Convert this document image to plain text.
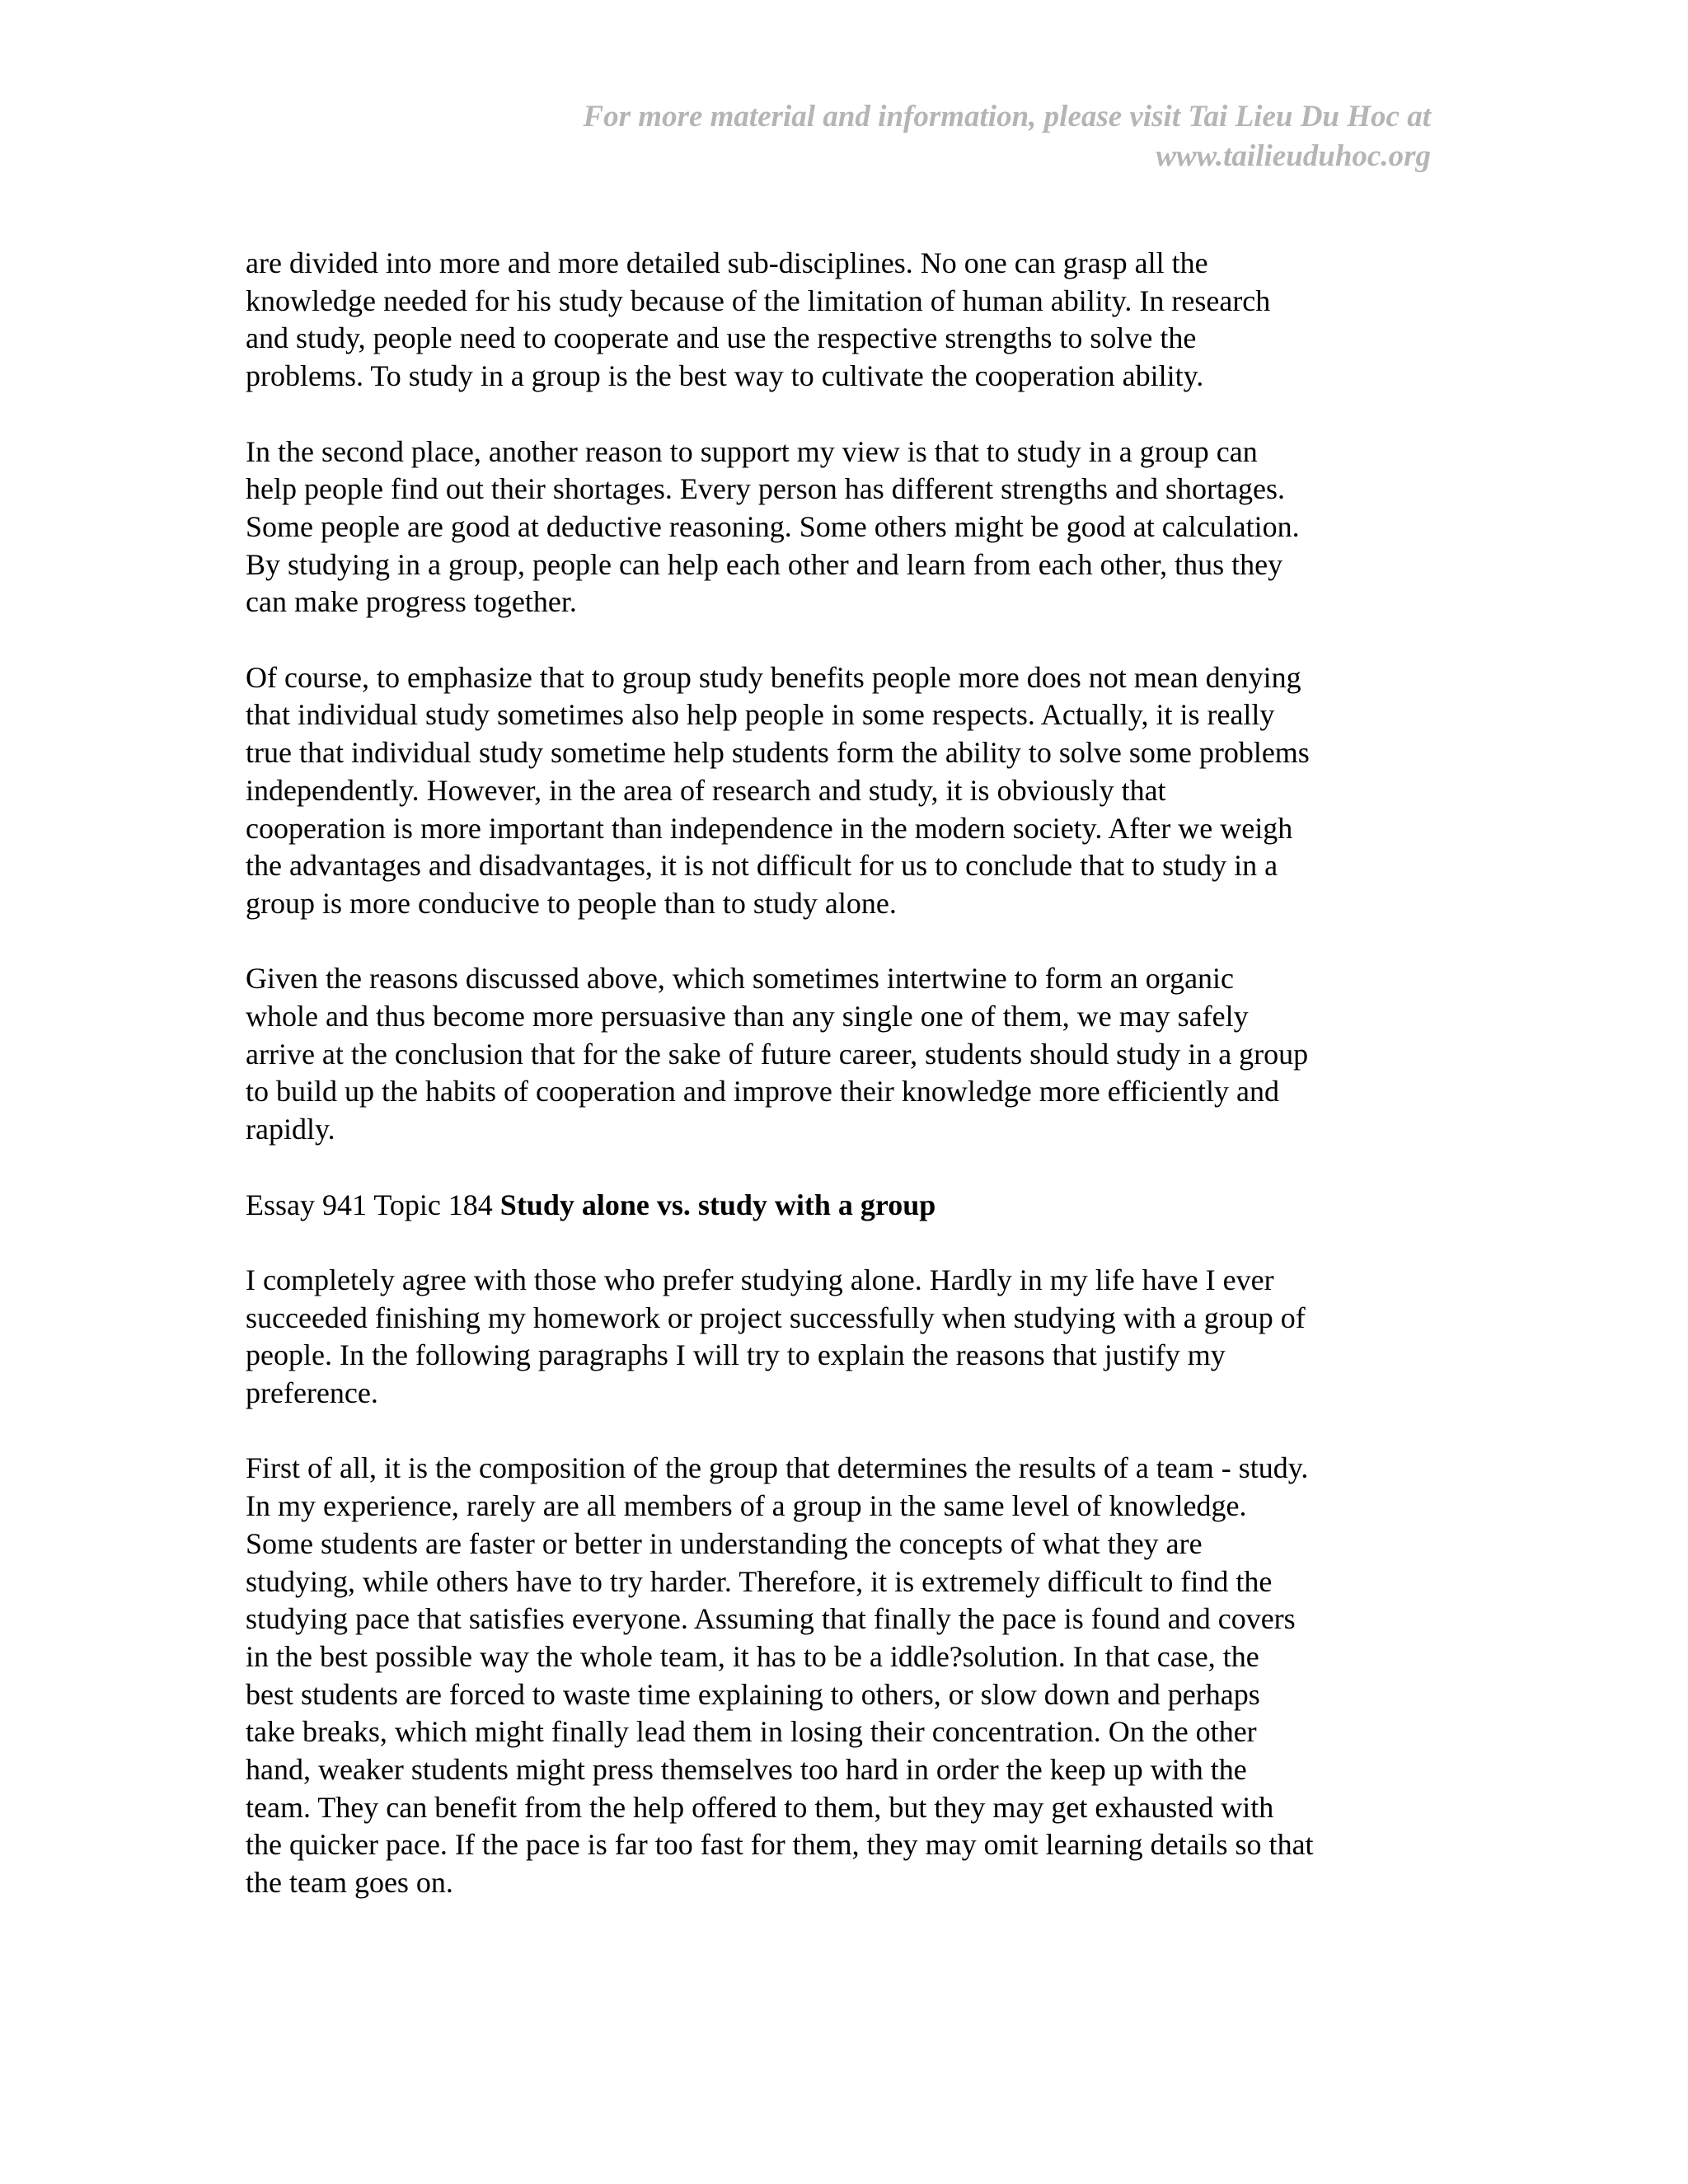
For more material and information, please visit Tai Lieu Du Hoc at
www.tailieuduhoc.org

are divided into more and more detailed sub-disciplines. No one can grasp all the
knowledge needed for his study because of the limitation of human ability. In research
and study, people need to cooperate and use the respective strengths to solve the
problems. To study in a group is the best way to cultivate the cooperation ability.

In the second place, another reason to support my view is that to study in a group can
help people find out their shortages. Every person has different strengths and shortages.
Some people are good at deductive reasoning. Some others might be good at calculation.
By studying in a group, people can help each other and learn from each other, thus they
can make progress together.

Of course, to emphasize that to group study benefits people more does not mean denying
that individual study sometimes also help people in some respects. Actually, it is really
true that individual study sometime help students form the ability to solve some problems
independently. However, in the area of research and study, it is obviously that
cooperation is more important than independence in the modern society. After we weigh
the advantages and disadvantages, it is not difficult for us to conclude that to study in a
group is more conducive to people than to study alone.

Given the reasons discussed above, which sometimes intertwine to form an organic
whole and thus become more persuasive than any single one of them, we may safely
arrive at the conclusion that for the sake of future career, students should study in a group
to build up the habits of cooperation and improve their knowledge more efficiently and
rapidly.

Essay 941 Topic 184 Study alone vs. study with a group

I completely agree with those who prefer studying alone. Hardly in my life have I ever
succeeded finishing my homework or project successfully when studying with a group of
people. In the following paragraphs I will try to explain the reasons that justify my
preference.

First of all, it is the composition of the group that determines the results of a team - study.
In my experience, rarely are all members of a group in the same level of knowledge.
Some students are faster or better in understanding the concepts of what they are
studying, while others have to try harder. Therefore, it is extremely difficult to find the
studying pace that satisfies everyone. Assuming that finally the pace is found and covers
in the best possible way the whole team, it has to be a iddle?solution. In that case, the
best students are forced to waste time explaining to others, or slow down and perhaps
take breaks, which might finally lead them in losing their concentration. On the other
hand, weaker students might press themselves too hard in order the keep up with the
team. They can benefit from the help offered to them, but they may get exhausted with
the quicker pace. If the pace is far too fast for them, they may omit learning details so that
the team goes on.
